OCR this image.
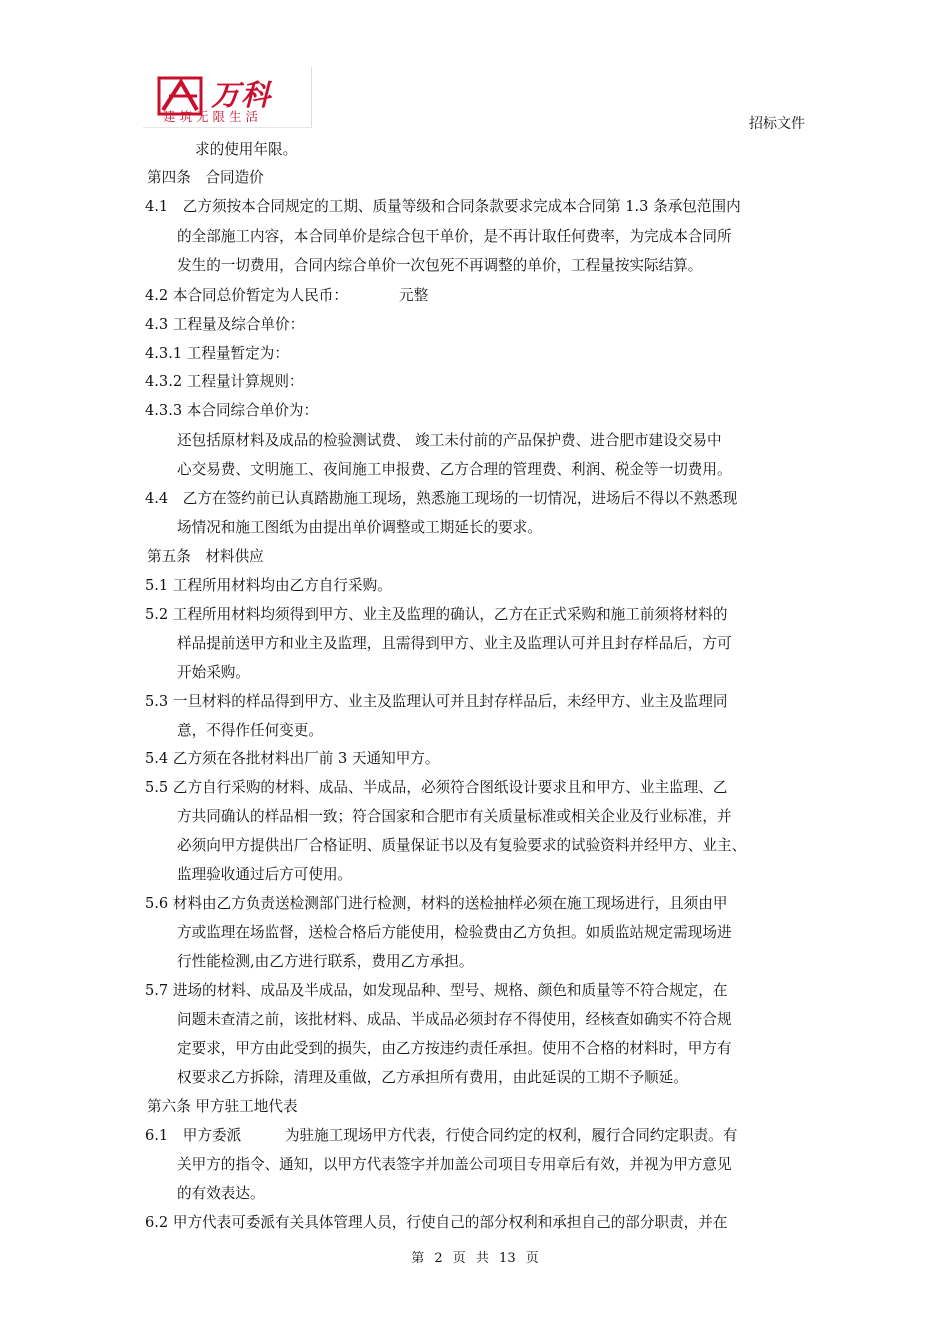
万科
建筑无限生活	招标文件
求的使用年限。
第四条　合同造价
4.1　乙方须按本合同规定的工期、质量等级和合同条款要求完成本合同第 1.3 条承包范围内
的全部施工内容，本合同单价是综合包干单价，是不再计取任何费率，为完成本合同所
发生的一切费用，合同内综合单价一次包死不再调整的单价，工程量按实际结算。
4.2 本合同总价暂定为人民币：　　　　元整
4.3 工程量及综合单价：
4.3.1 工程量暂定为：
4.3.2 工程量计算规则：
4.3.3 本合同综合单价为：
还包括原材料及成品的检验测试费、 竣工未付前的产品保护费、进合肥市建设交易中
心交易费、文明施工、夜间施工申报费、乙方合理的管理费、利润、税金等一切费用。
4.4　乙方在签约前已认真踏勘施工现场，熟悉施工现场的一切情况，进场后不得以不熟悉现
场情况和施工图纸为由提出单价调整或工期延长的要求。
第五条　材料供应
5.1 工程所用材料均由乙方自行采购。
5.2 工程所用材料均须得到甲方、业主及监理的确认，乙方在正式采购和施工前须将材料的
样品提前送甲方和业主及监理，且需得到甲方、业主及监理认可并且封存样品后，方可
开始采购。
5.3 一旦材料的样品得到甲方、业主及监理认可并且封存样品后，未经甲方、业主及监理同
意，不得作任何变更。
5.4 乙方须在各批材料出厂前 3 天通知甲方。
5.5 乙方自行采购的材料、成品、半成品，必须符合图纸设计要求且和甲方、业主监理、乙
方共同确认的样品相一致；符合国家和合肥市有关质量标准或相关企业及行业标准，并
必须向甲方提供出厂合格证明、质量保证书以及有复验要求的试验资料并经甲方、业主、
监理验收通过后方可使用。
5.6 材料由乙方负责送检测部门进行检测，材料的送检抽样必须在施工现场进行，且须由甲
方或监理在场监督，送检合格后方能使用，检验费由乙方负担。如质监站规定需现场进
行性能检测,由乙方进行联系，费用乙方承担。
5.7 进场的材料、成品及半成品，如发现品种、型号、规格、颜色和质量等不符合规定，在
问题未查清之前，该批材料、成品、半成品必须封存不得使用，经核查如确实不符合规
定要求，甲方由此受到的损失，由乙方按违约责任承担。使用不合格的材料时，甲方有
权要求乙方拆除，清理及重做，乙方承担所有费用，由此延误的工期不予顺延。
第六条 甲方驻工地代表
6.1　甲方委派　　　为驻施工现场甲方代表，行使合同约定的权利，履行合同约定职责。有
关甲方的指令、通知，以甲方代表签字并加盖公司项目专用章后有效，并视为甲方意见
的有效表达。
6.2 甲方代表可委派有关具体管理人员，行使自己的部分权利和承担自己的部分职责，并在
第 2 页 共 13 页
